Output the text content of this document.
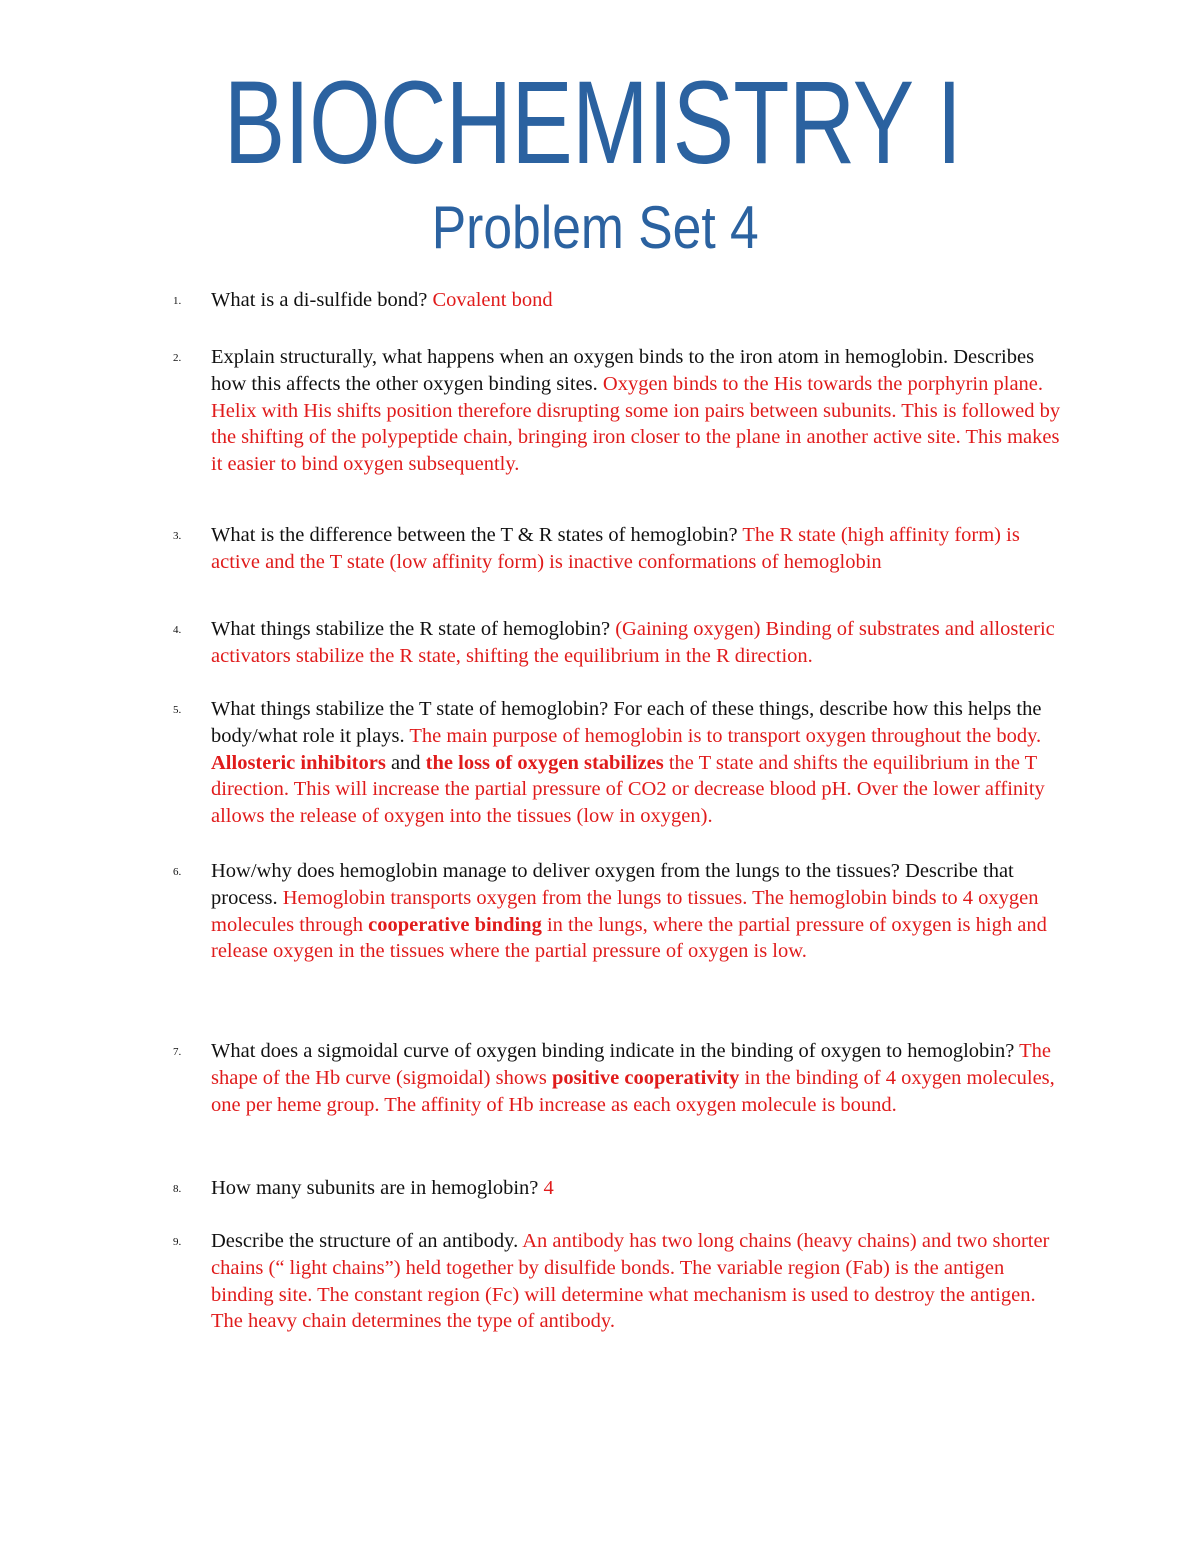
BIOCHEMISTRY I
Problem Set 4
1. What is a di-sulfide bond? Covalent bond
2. Explain structurally, what happens when an oxygen binds to the iron atom in hemoglobin. Describes how this affects the other oxygen binding sites. Oxygen binds to the His towards the porphyrin plane. Helix with His shifts position therefore disrupting some ion pairs between subunits. This is followed by the shifting of the polypeptide chain, bringing iron closer to the plane in another active site. This makes it easier to bind oxygen subsequently.
3. What is the difference between the T & R states of hemoglobin? The R state (high affinity form) is active and the T state (low affinity form) is inactive conformations of hemoglobin
4. What things stabilize the R state of hemoglobin? (Gaining oxygen) Binding of substrates and allosteric activators stabilize the R state, shifting the equilibrium in the R direction.
5. What things stabilize the T state of hemoglobin? For each of these things, describe how this helps the body/what role it plays. The main purpose of hemoglobin is to transport oxygen throughout the body. Allosteric inhibitors and the loss of oxygen stabilizes the T state and shifts the equilibrium in the T direction. This will increase the partial pressure of CO2 or decrease blood pH. Over the lower affinity allows the release of oxygen into the tissues (low in oxygen).
6. How/why does hemoglobin manage to deliver oxygen from the lungs to the tissues? Describe that process. Hemoglobin transports oxygen from the lungs to tissues. The hemoglobin binds to 4 oxygen molecules through cooperative binding in the lungs, where the partial pressure of oxygen is high and release oxygen in the tissues where the partial pressure of oxygen is low.
7. What does a sigmoidal curve of oxygen binding indicate in the binding of oxygen to hemoglobin? The shape of the Hb curve (sigmoidal) shows positive cooperativity in the binding of 4 oxygen molecules, one per heme group. The affinity of Hb increase as each oxygen molecule is bound.
8. How many subunits are in hemoglobin? 4
9. Describe the structure of an antibody. An antibody has two long chains (heavy chains) and two shorter chains (“ light chains”) held together by disulfide bonds. The variable region (Fab) is the antigen binding site. The constant region (Fc) will determine what mechanism is used to destroy the antigen. The heavy chain determines the type of antibody.
